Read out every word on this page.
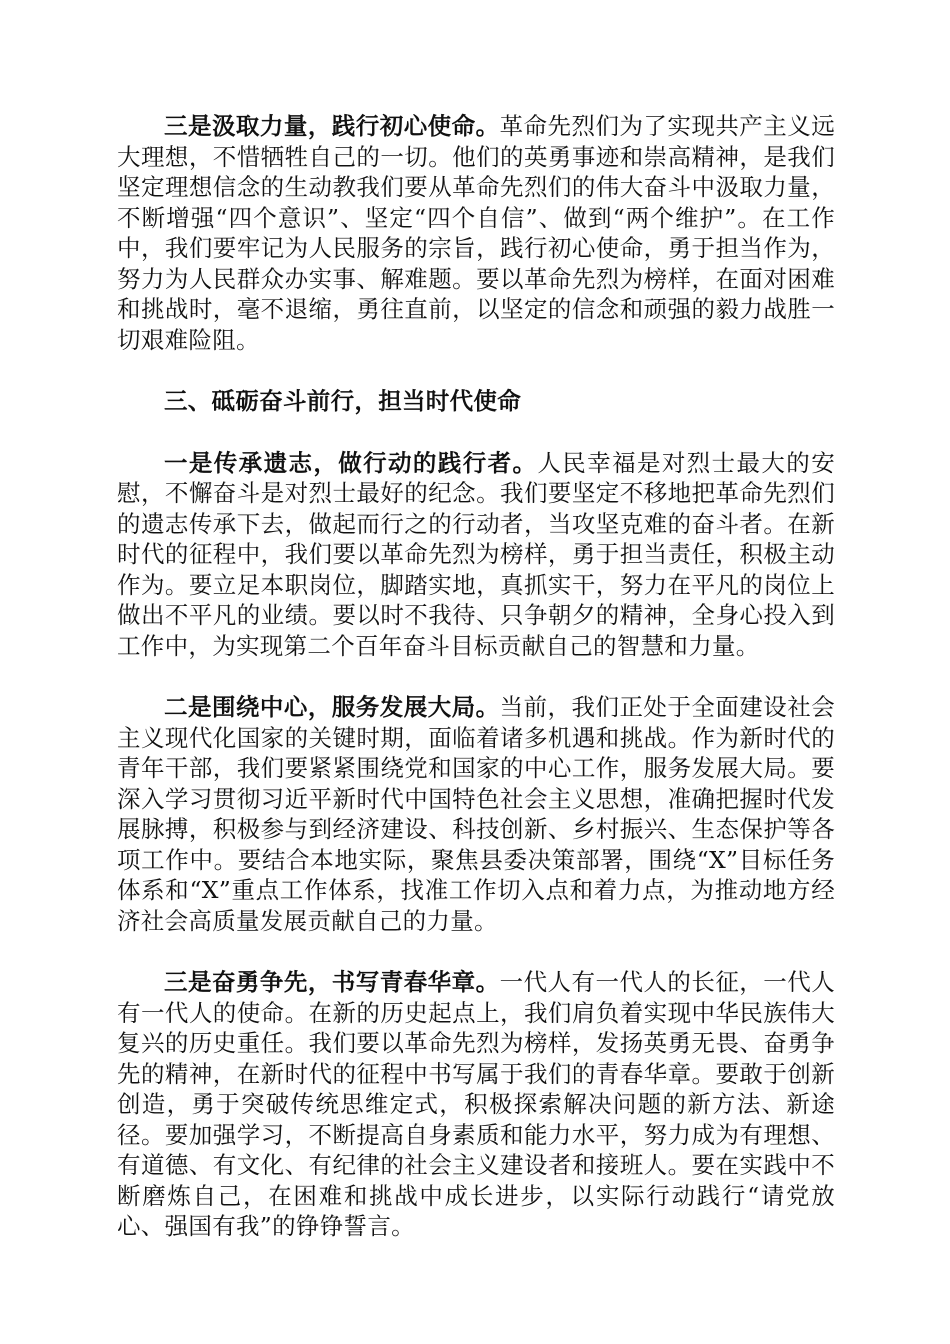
三是汲取力量，践行初心使命。革命先烈们为了实现共产主义远大理想，不惜牺牲自己的一切。他们的英勇事迹和崇高精神，是我们坚定理想信念的生动教我们要从革命先烈们的伟大奋斗中汲取力量，不断增强“四个意识”、坚定“四个自信”、做到“两个维护”。在工作中，我们要牢记为人民服务的宗旨，践行初心使命，勇于担当作为，努力为人民群众办实事、解难题。要以革命先烈为榜样，在面对困难和挑战时，毫不退缩，勇往直前，以坚定的信念和顽强的毅力战胜一切艰难险阻。

三、砥砺奋斗前行，担当时代使命

一是传承遗志，做行动的践行者。人民幸福是对烈士最大的安慰，不懈奋斗是对烈士最好的纪念。我们要坚定不移地把革命先烈们的遗志传承下去，做起而行之的行动者，当攻坚克难的奋斗者。在新时代的征程中，我们要以革命先烈为榜样，勇于担当责任，积极主动作为。要立足本职岗位，脚踏实地，真抓实干，努力在平凡的岗位上做出不平凡的业绩。要以时不我待、只争朝夕的精神，全身心投入到工作中，为实现第二个百年奋斗目标贡献自己的智慧和力量。

二是围绕中心，服务发展大局。当前，我们正处于全面建设社会主义现代化国家的关键时期，面临着诸多机遇和挑战。作为新时代的青年干部，我们要紧紧围绕党和国家的中心工作，服务发展大局。要深入学习贯彻习近平新时代中国特色社会主义思想，准确把握时代发展脉搏，积极参与到经济建设、科技创新、乡村振兴、生态保护等各项工作中。要结合本地实际，聚焦县委决策部署，围绕“X”目标任务体系和“X”重点工作体系，找准工作切入点和着力点，为推动地方经济社会高质量发展贡献自己的力量。

三是奋勇争先，书写青春华章。一代人有一代人的长征，一代人有一代人的使命。在新的历史起点上，我们肩负着实现中华民族伟大复兴的历史重任。我们要以革命先烈为榜样，发扬英勇无畏、奋勇争先的精神，在新时代的征程中书写属于我们的青春华章。要敢于创新创造，勇于突破传统思维定式，积极探索解决问题的新方法、新途径。要加强学习，不断提高自身素质和能力水平，努力成为有理想、有道德、有文化、有纪律的社会主义建设者和接班人。要在实践中不断磨炼自己，在困难和挑战中成长进步，以实际行动践行“请党放心、强国有我”的铮铮誓言。
